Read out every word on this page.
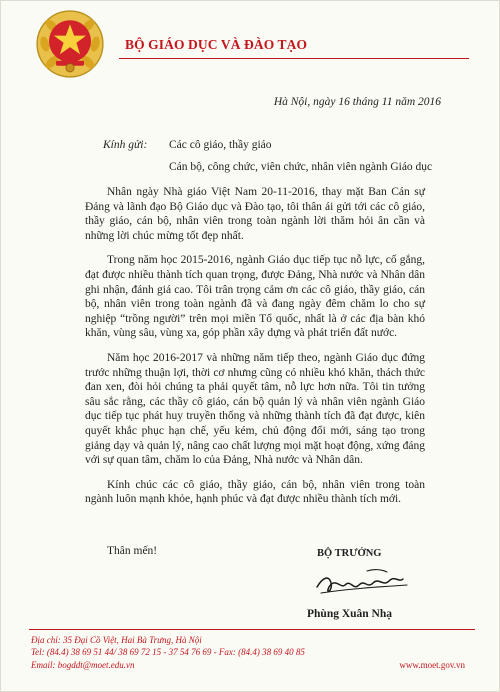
BỘ GIÁO DỤC VÀ ĐÀO TẠO

Hà Nội, ngày 16 tháng 11 năm 2016
Kính gửi: Các cô giáo, thầy giáo
Cán bộ, công chức, viên chức, nhân viên ngành Giáo dục

Nhân ngày Nhà giáo Việt Nam 20-11-2016, thay mặt Ban Cán sự Đảng và lãnh đạo Bộ Giáo dục và Đào tạo, tôi thân ái gửi tới các cô giáo, thầy giáo, cán bộ, nhân viên trong toàn ngành lời thăm hỏi ân cần và những lời chúc mừng tốt đẹp nhất.

Trong năm học 2015-2016, ngành Giáo dục tiếp tục nỗ lực, cố gắng, đạt được nhiều thành tích quan trọng, được Đảng, Nhà nước và Nhân dân ghi nhận, đánh giá cao. Tôi trân trọng cảm ơn các cô giáo, thầy giáo, cán bộ, nhân viên trong toàn ngành đã và đang ngày đêm chăm lo cho sự nghiệp “trồng người” trên mọi miền Tổ quốc, nhất là ở các địa bàn khó khăn, vùng sâu, vùng xa, góp phần xây dựng và phát triển đất nước.

Năm học 2016-2017 và những năm tiếp theo, ngành Giáo dục đứng trước những thuận lợi, thời cơ nhưng cũng có nhiều khó khăn, thách thức đan xen, đòi hỏi chúng ta phải quyết tâm, nỗ lực hơn nữa. Tôi tin tưởng sâu sắc rằng, các thầy cô giáo, cán bộ quản lý và nhân viên ngành Giáo dục tiếp tục phát huy truyền thống và những thành tích đã đạt được, kiên quyết khắc phục hạn chế, yếu kém, chủ động đổi mới, sáng tạo trong giảng dạy và quản lý, nâng cao chất lượng mọi mặt hoạt động, xứng đáng với sự quan tâm, chăm lo của Đảng, Nhà nước và Nhân dân.

Kính chúc các cô giáo, thầy giáo, cán bộ, nhân viên trong toàn ngành luôn mạnh khỏe, hạnh phúc và đạt được nhiều thành tích mới.

Thân mến!	BỘ TRƯỞNG
Phùng Xuân Nhạ
Địa chỉ: 35 Đại Cồ Việt, Hai Bà Trưng, Hà Nội
Tel: (84.4) 38 69 51 44/ 38 69 72 15 - 37 54 76 69 - Fax: (84.4) 38 69 40 85
Email: bogddt@moet.edu.vn	www.moet.gov.vn
